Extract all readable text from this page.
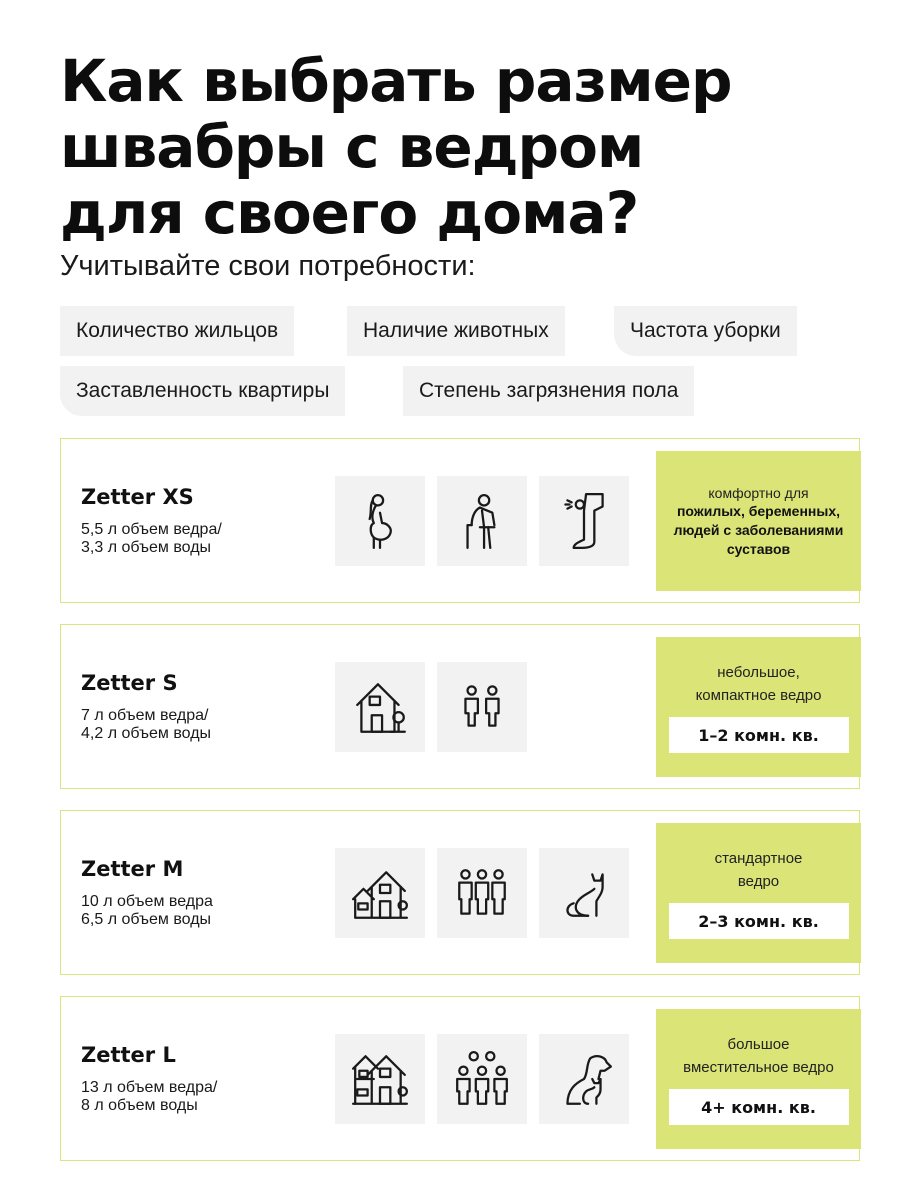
Как выбрать размер
швабры с ведром
для своего дома?
Учитывайте свои потребности:
Количество жильцов	Наличие животных	Частота уборки
Заставленность квартиры	Степень загрязнения пола
Zetter XS
5,5 л объем ведра/
3,3 л объем воды
комфортно для
пожилых, беременных,
людей с заболеваниями
суставов
Zetter S
7 л объем ведра/
4,2 л объем воды
небольшое,
компактное ведро
1–2 комн. кв.
Zetter M
10 л объем ведра
6,5 л объем воды
стандартное
ведро
2–3 комн. кв.
Zetter L
13 л объем ведра/
8 л объем воды
большое
вместительное ведро
4+ комн. кв.
